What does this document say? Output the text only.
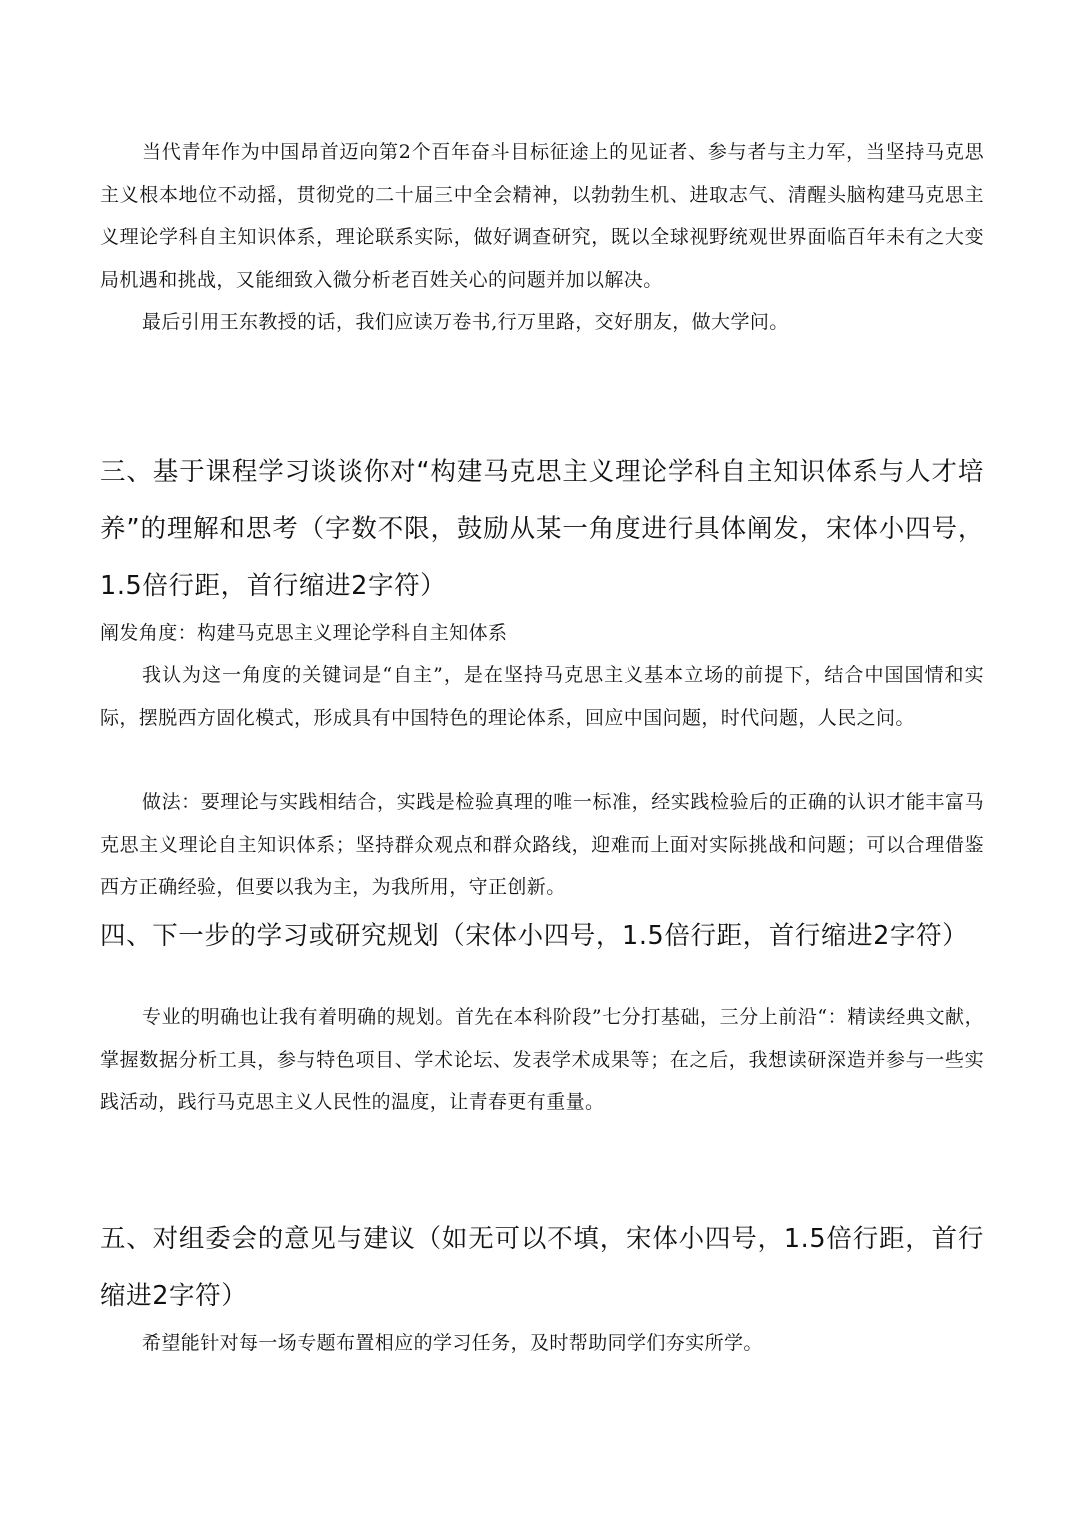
当代青年作为中国昂首迈向第2个百年奋斗目标征途上的见证者、参与者与主力军，当坚持马克思主义根本地位不动摇，贯彻党的二十届三中全会精神，以勃勃生机、进取志气、清醒头脑构建马克思主义理论学科自主知识体系，理论联系实际，做好调查研究，既以全球视野统观世界面临百年未有之大变局机遇和挑战，又能细致入微分析老百姓关心的问题并加以解决。

最后引用王东教授的话，我们应读万卷书,行万里路，交好朋友，做大学问。

三、基于课程学习谈谈你对“构建马克思主义理论学科自主知识体系与人才培养”的理解和思考（字数不限，鼓励从某一角度进行具体阐发，宋体小四号，1.5倍行距，首行缩进2字符）

阐发角度：构建马克思主义理论学科自主知体系

我认为这一角度的关键词是“自主”，是在坚持马克思主义基本立场的前提下，结合中国国情和实际，摆脱西方固化模式，形成具有中国特色的理论体系，回应中国问题，时代问题，人民之问。

做法：要理论与实践相结合，实践是检验真理的唯一标准，经实践检验后的正确的认识才能丰富马克思主义理论自主知识体系；坚持群众观点和群众路线，迎难而上面对实际挑战和问题；可以合理借鉴西方正确经验，但要以我为主，为我所用，守正创新。

四、下一步的学习或研究规划（宋体小四号，1.5倍行距，首行缩进2字符）

专业的明确也让我有着明确的规划。首先在本科阶段”七分打基础，三分上前沿“：精读经典文献，掌握数据分析工具，参与特色项目、学术论坛、发表学术成果等；在之后，我想读研深造并参与一些实践活动，践行马克思主义人民性的温度，让青春更有重量。

五、对组委会的意见与建议（如无可以不填，宋体小四号，1.5倍行距，首行缩进2字符）

希望能针对每一场专题布置相应的学习任务，及时帮助同学们夯实所学。
